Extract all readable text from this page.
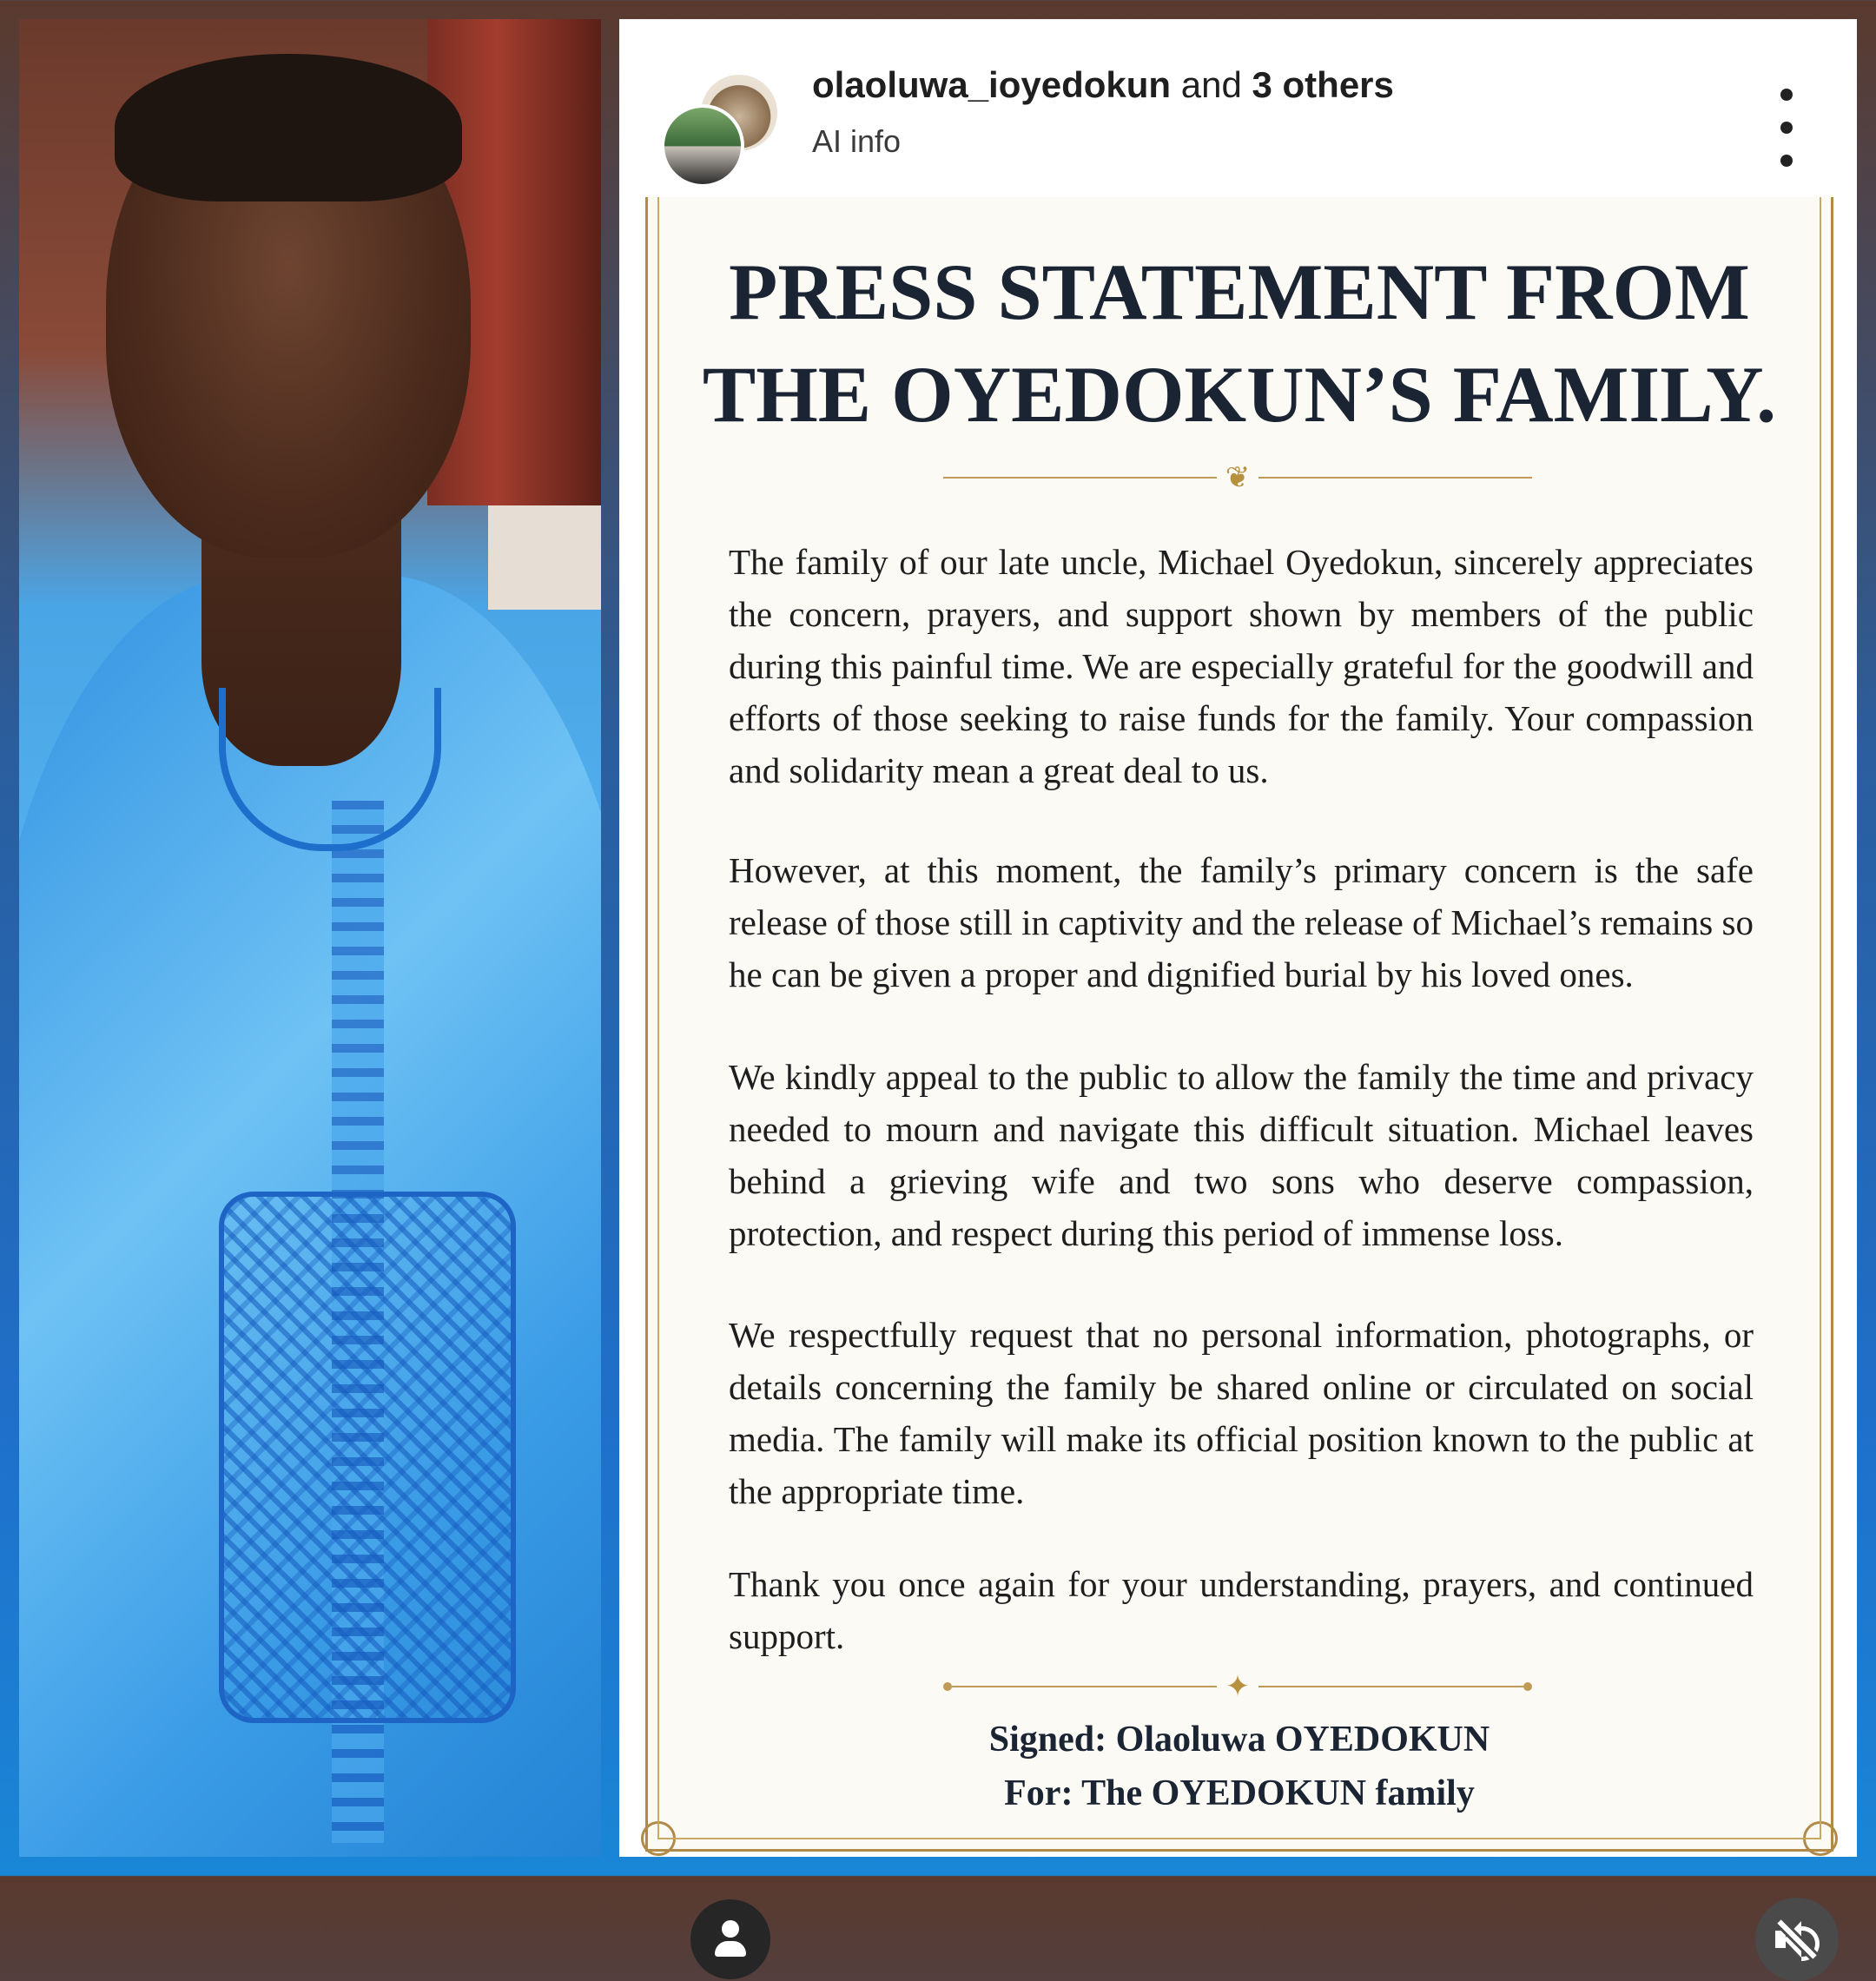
olaoluwa_ioyedokun and 3 others
AI info
PRESS STATEMENT FROM
THE OYEDOKUN’S FAMILY.
❦
The family of our late uncle, Michael Oyedokun, sincerely appreciates the concern, prayers, and support shown by members of the public during this painful time. We are especially grateful for the goodwill and efforts of those seeking to raise funds for the family. Your compassion and solidarity mean a great deal to us.
However, at this moment, the family’s primary concern is the safe release of those still in captivity and the release of Michael’s remains so he can be given a proper and dignified burial by his loved ones.
We kindly appeal to the public to allow the family the time and privacy needed to mourn and navigate this difficult situation. Michael leaves behind a grieving wife and two sons who deserve compassion, protection, and respect during this period of immense loss.
We respectfully request that no personal information, photographs, or details concerning the family be shared online or circulated on social media. The family will make its official position known to the public at the appropriate time.
Thank you once again for your understanding, prayers, and continued support.
✦
Signed: Olaoluwa OYEDOKUN
For: The OYEDOKUN family
